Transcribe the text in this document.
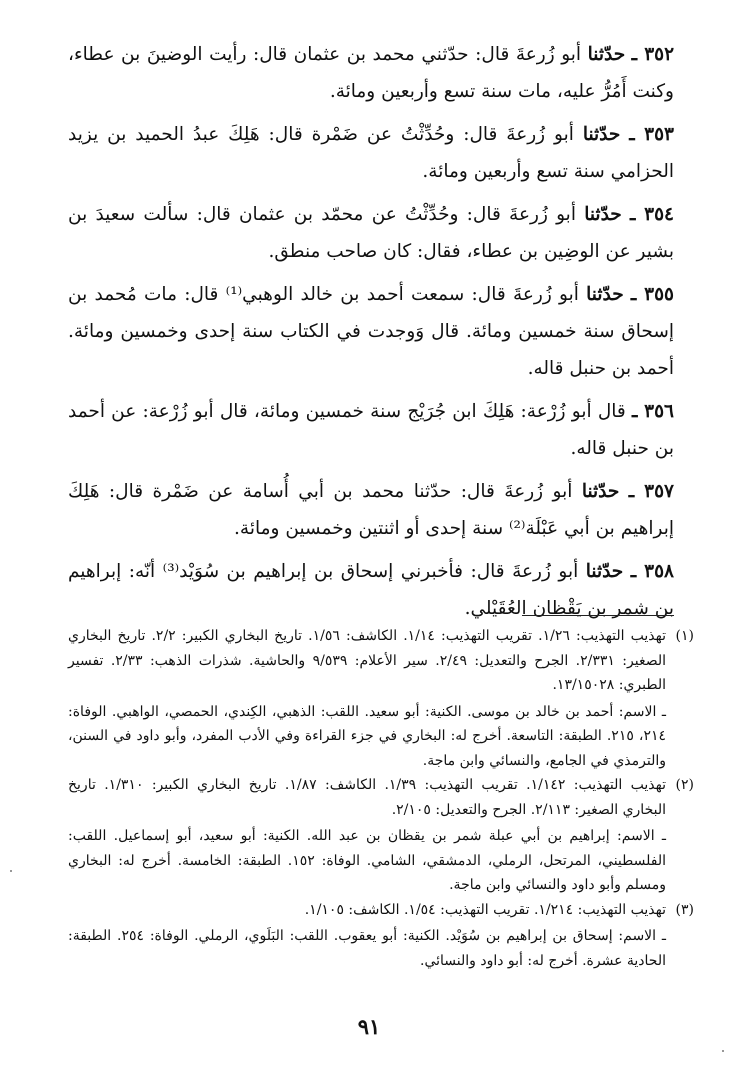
٣٥٢ ـ حدّثنا أبو زُرعةَ قال: حدّثني محمد بن عثمان قال: رأيت الوضينَ بن عطاء، وكنت أَمُرُّ عليه، مات سنة تسع وأربعين ومائة.

٣٥٣ ـ حدّثنا أبو زُرعةَ قال: وحُدِّثْتُ عن ضَمْرة قال: هَلِكَ عبدُ الحميد بن يزيد الحزامي سنة تسع وأربعين ومائة.

٣٥٤ ـ حدّثنا أبو زُرعةَ قال: وحُدِّثْتُ عن محمّد بن عثمان قال: سألت سعيدَ بن بشير عن الوضِين بن عطاء، فقال: كان صاحب منطق.

٣٥٥ ـ حدّثنا أبو زُرعةَ قال: سمعت أحمد بن خالد الوهبي⁽¹⁾ قال: مات مُحمد بن إسحاق سنة خمسين ومائة. قال وَوجدت في الكتاب سنة إحدى وخمسين ومائة. أحمد بن حنبل قاله.

٣٥٦ ـ قال أبو زُرْعة: هَلِكَ ابن جُرَيْج سنة خمسين ومائة، قال أبو زُرْعة: عن أحمد بن حنبل قاله.

٣٥٧ ـ حدّثنا أبو زُرعةَ قال: حدّثنا محمد بن أبي أُسامة عن ضَمْرة قال: هَلِكَ إبراهيم بن أبي عَبْلَة⁽²⁾ سنة إحدى أو اثنتين وخمسين ومائة.

٣٥٨ ـ حدّثنا أبو زُرعةَ قال: فأخبرني إسحاق بن إبراهيم بن سُوَيْد⁽³⁾ أنّه: إبراهيم بن شمر بن يَقْظان العُقَيْلي.

(١)
تهذيب التهذيب: ١/٢٦. تقريب التهذيب: ١/١٤. الكاشف: ١/٥٦. تاريخ البخاري الكبير: ٢/٢. تاريخ البخاري الصغير: ٢/٣٣١. الجرح والتعديل: ٢/٤٩. سير الأعلام: ٩/٥٣٩ والحاشية. شذرات الذهب: ٢/٣٣. تفسير الطبري: ١٣/١٥٠٢٨.
ـ الاسم: أحمد بن خالد بن موسى. الكنية: أبو سعيد. اللقب: الذهبي، الكِندي، الحمصي، الواهبي. الوفاة: ٢١٤، ٢١٥. الطبقة: التاسعة. أخرج له: البخاري في جزء القراءة وفي الأدب المفرد، وأبو داود في السنن، والترمذي في الجامع، والنسائي وابن ماجة.
(٢)
تهذيب التهذيب: ١/١٤٢. تقريب التهذيب: ١/٣٩. الكاشف: ١/٨٧. تاريخ البخاري الكبير: ١/٣١٠. تاريخ البخاري الصغير: ٢/١١٣. الجرح والتعديل: ٢/١٠٥.
ـ الاسم: إبراهيم بن أبي عبلة شمر بن يقظان بن عبد الله. الكنية: أبو سعيد، أبو إسماعيل. اللقب: الفلسطيني، المرتحل، الرملي، الدمشقي، الشامي. الوفاة: ١٥٢. الطبقة: الخامسة. أخرج له: البخاري ومسلم وأبو داود والنسائي وابن ماجة.
(٣)
تهذيب التهذيب: ١/٢١٤. تقريب التهذيب: ١/٥٤. الكاشف: ١/١٠٥.
ـ الاسم: إسحاق بن إبراهيم بن سُوَيْد. الكنية: أبو يعقوب. اللقب: البَلَوي، الرملي. الوفاة: ٢٥٤. الطبقة: الحادية عشرة. أخرج له: أبو داود والنسائي.
٩١
